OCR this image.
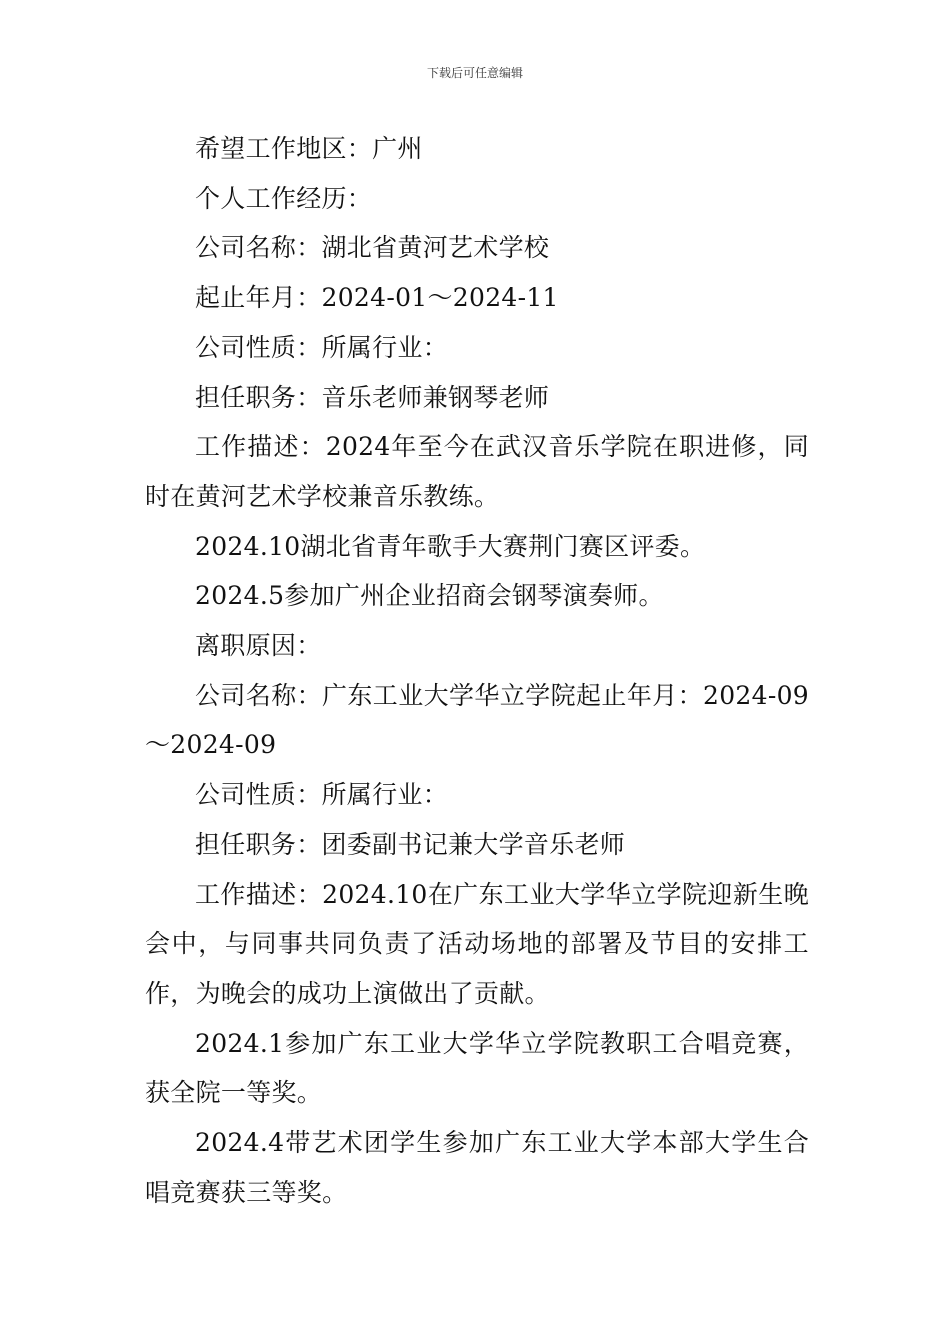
下载后可任意编辑

希望工作地区：广州

个人工作经历：

公司名称：湖北省黄河艺术学校

起止年月：2024-01～2024-11

公司性质：所属行业：

担任职务：音乐老师兼钢琴老师

工作描述：2024年至今在武汉音乐学院在职进修，同时在黄河艺术学校兼音乐教练。

2024.10湖北省青年歌手大赛荆门赛区评委。

2024.5参加广州企业招商会钢琴演奏师。

离职原因：

公司名称：广东工业大学华立学院起止年月：2024-09～2024-09

公司性质：所属行业：

担任职务：团委副书记兼大学音乐老师

工作描述：2024.10在广东工业大学华立学院迎新生晚会中，与同事共同负责了活动场地的部署及节目的安排工作，为晚会的成功上演做出了贡献。

2024.1参加广东工业大学华立学院教职工合唱竞赛，获全院一等奖。

2024.4带艺术团学生参加广东工业大学本部大学生合唱竞赛获三等奖。
